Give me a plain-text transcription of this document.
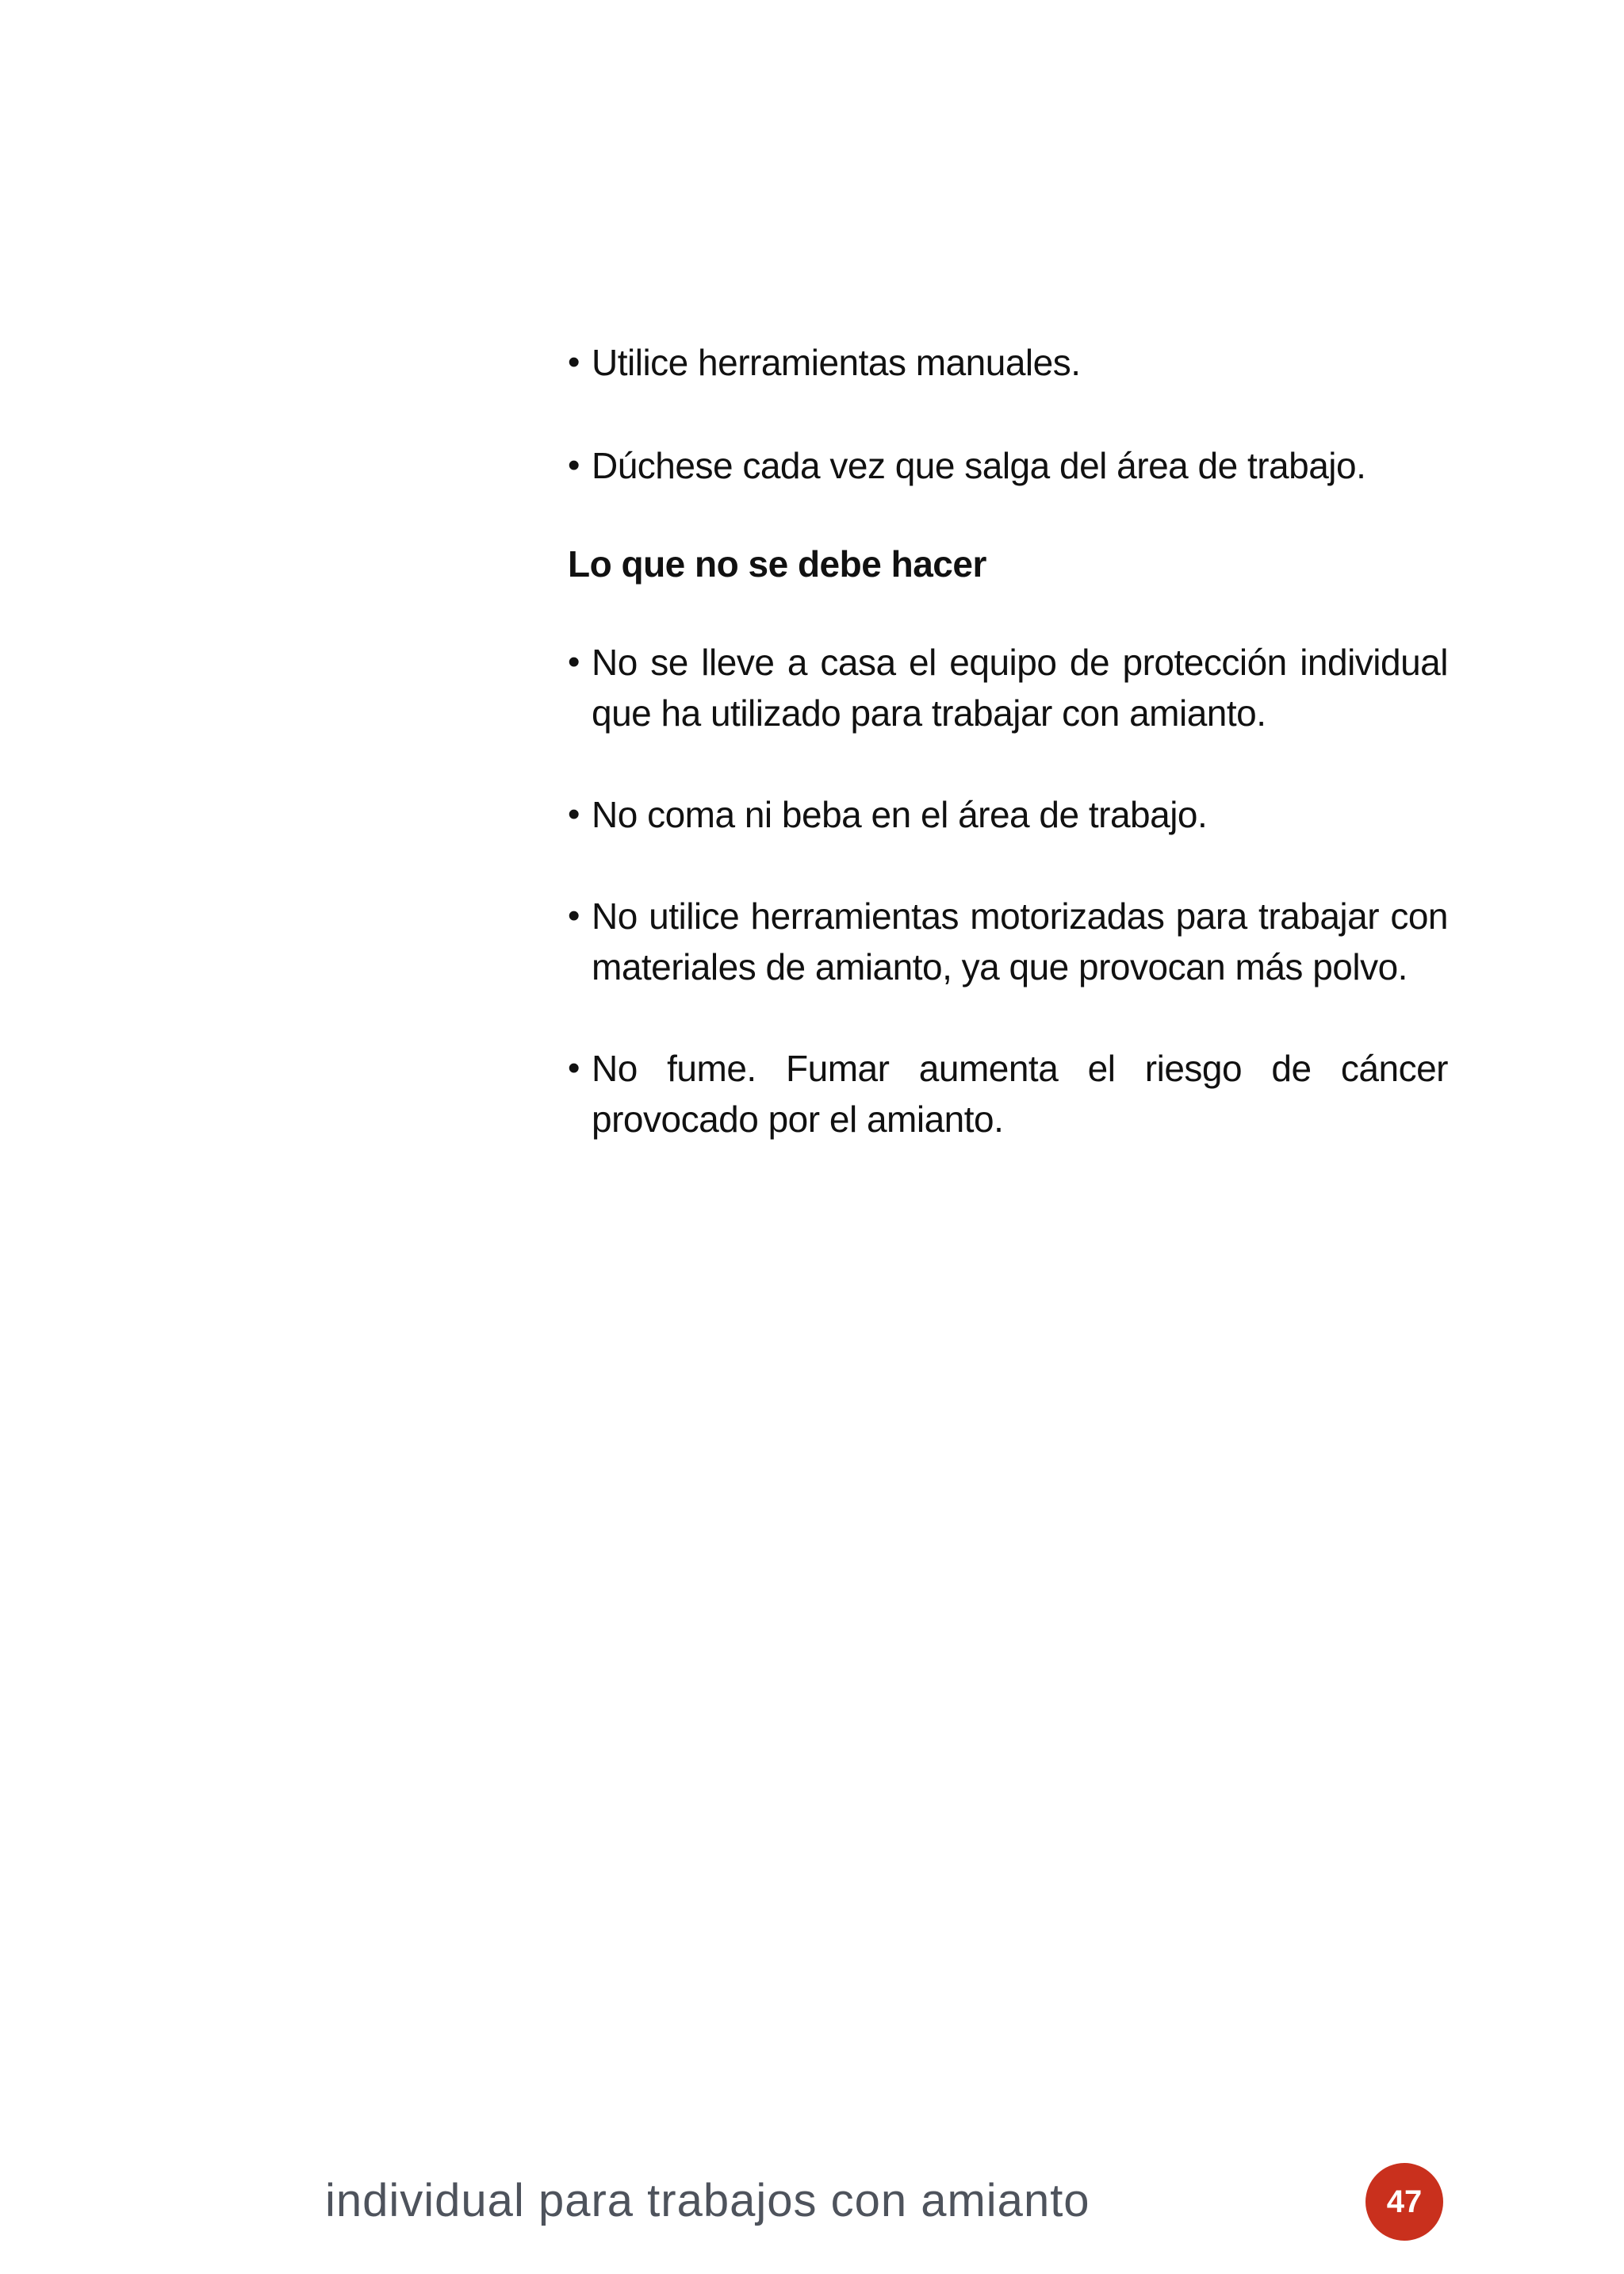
• Utilice herramientas manuales.

• Dúchese cada vez que salga del área de trabajo.

Lo que no se debe hacer

• No se lleve a casa el equipo de protección individual que ha utilizado para trabajar con amianto.

• No coma ni beba en el área de trabajo.

• No utilice herramientas motorizadas para trabajar con materiales de amianto, ya que provocan más polvo.

• No fume. Fumar aumenta el riesgo de cáncer provocado por el amianto.

individual para trabajos con amianto	47
